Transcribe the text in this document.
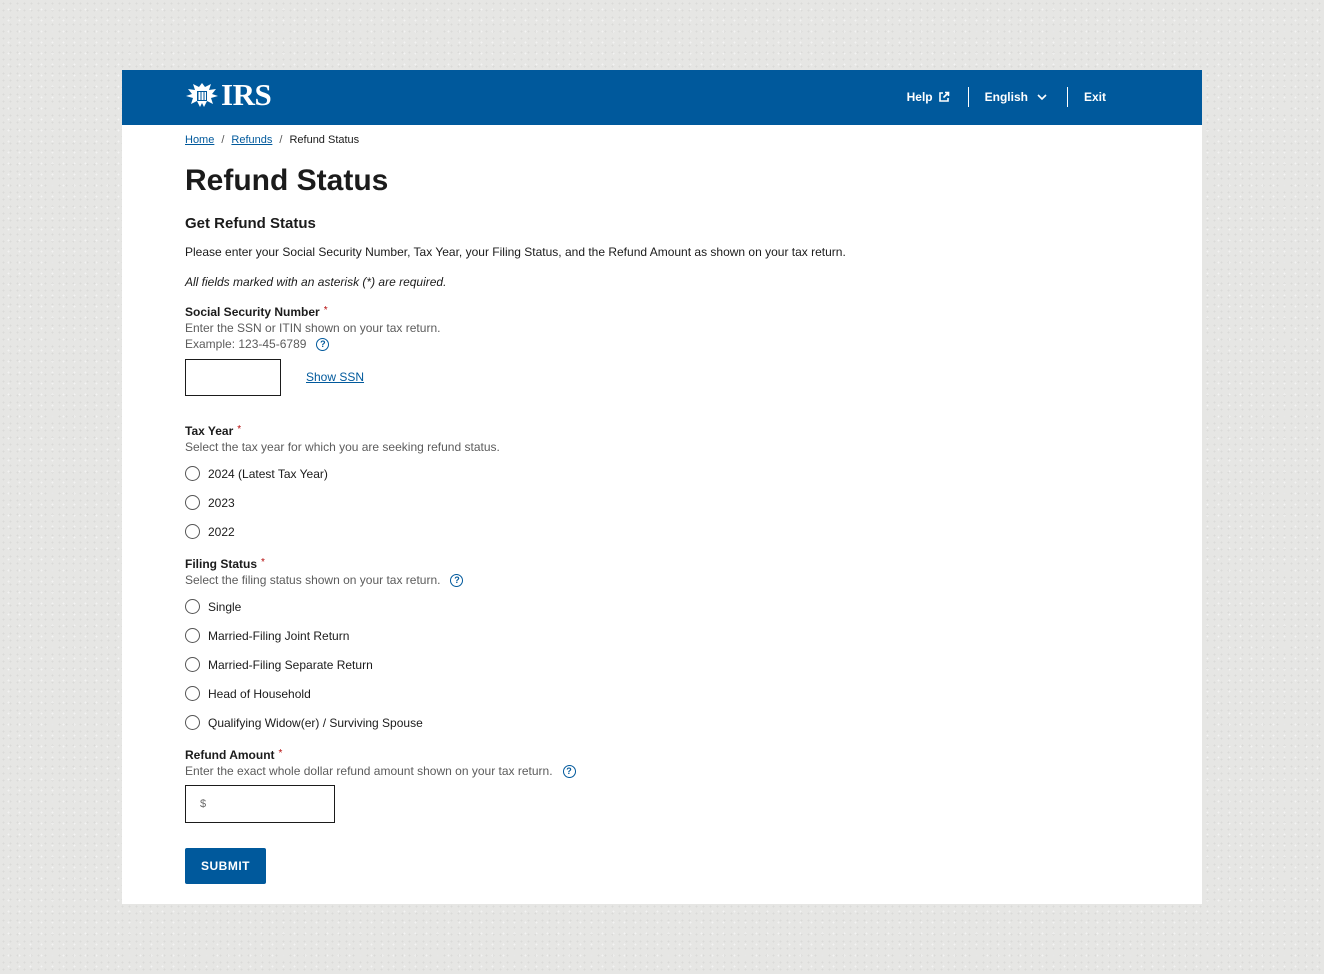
IRS	Help	English	Exit
Home / Refunds / Refund Status
Refund Status
Get Refund Status

Please enter your Social Security Number, Tax Year, your Filing Status, and the Refund Amount as shown on your tax return.

All fields marked with an asterisk (*) are required.

Social Security Number *
Enter the SSN or ITIN shown on your tax return.
Example: 123-45-6789	?
Show SSN
Tax Year *
Select the tax year for which you are seeking refund status.
2024 (Latest Tax Year)
2023
2022
Filing Status *
Select the filing status shown on your tax return.	?
Single
Married-Filing Joint Return
Married-Filing Separate Return
Head of Household
Qualifying Widow(er) / Surviving Spouse
Refund Amount *
Enter the exact whole dollar refund amount shown on your tax return.	?
$
SUBMIT
